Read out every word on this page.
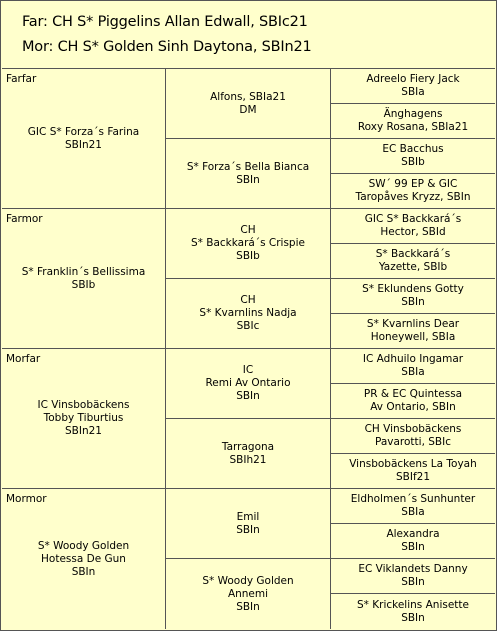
Far: CH S* Piggelins Allan Edwall, SBIc21
Mor: CH S* Golden Sinh Daytona, SBIn21
Farfar
GIC S* Forza´s Farina
SBIn21
Farmor
S* Franklin´s Bellissima
SBIb
Morfar
IC Vinsbobäckens
Tobby Tiburtius
SBIn21
Mormor
S* Woody Golden
Hotessa De Gun
SBIn
Alfons, SBIa21
DM
S* Forza´s Bella Bianca
SBIn
CH
S* Backkará´s Crispie
SBIb
CH
S* Kvarnlins Nadja
SBIc
IC
Remi Av Ontario
SBIn
Tarragona
SBIh21
Emil
SBIn
S* Woody Golden
Annemi
SBIn
Adreelo Fiery Jack
SBIa
Änghagens
Roxy Rosana, SBIa21
EC Bacchus
SBIb
SW´ 99 EP & GIC
Taropåves Kryzz, SBIn
GIC S* Backkará´s
Hector, SBId
S* Backkará´s
Yazette, SBIb
S* Eklundens Gotty
SBIn
S* Kvarnlins Dear
Honeywell, SBIa
IC Adhuilo Ingamar
SBIa
PR & EC Quintessa
Av Ontario, SBIn
CH Vinsbobäckens
Pavarotti, SBIc
Vinsbobäckens La Toyah
SBIf21
Eldholmen´s Sunhunter
SBIa
Alexandra
SBIn
EC Viklandets Danny
SBIn
S* Krickelins Anisette
SBIn
